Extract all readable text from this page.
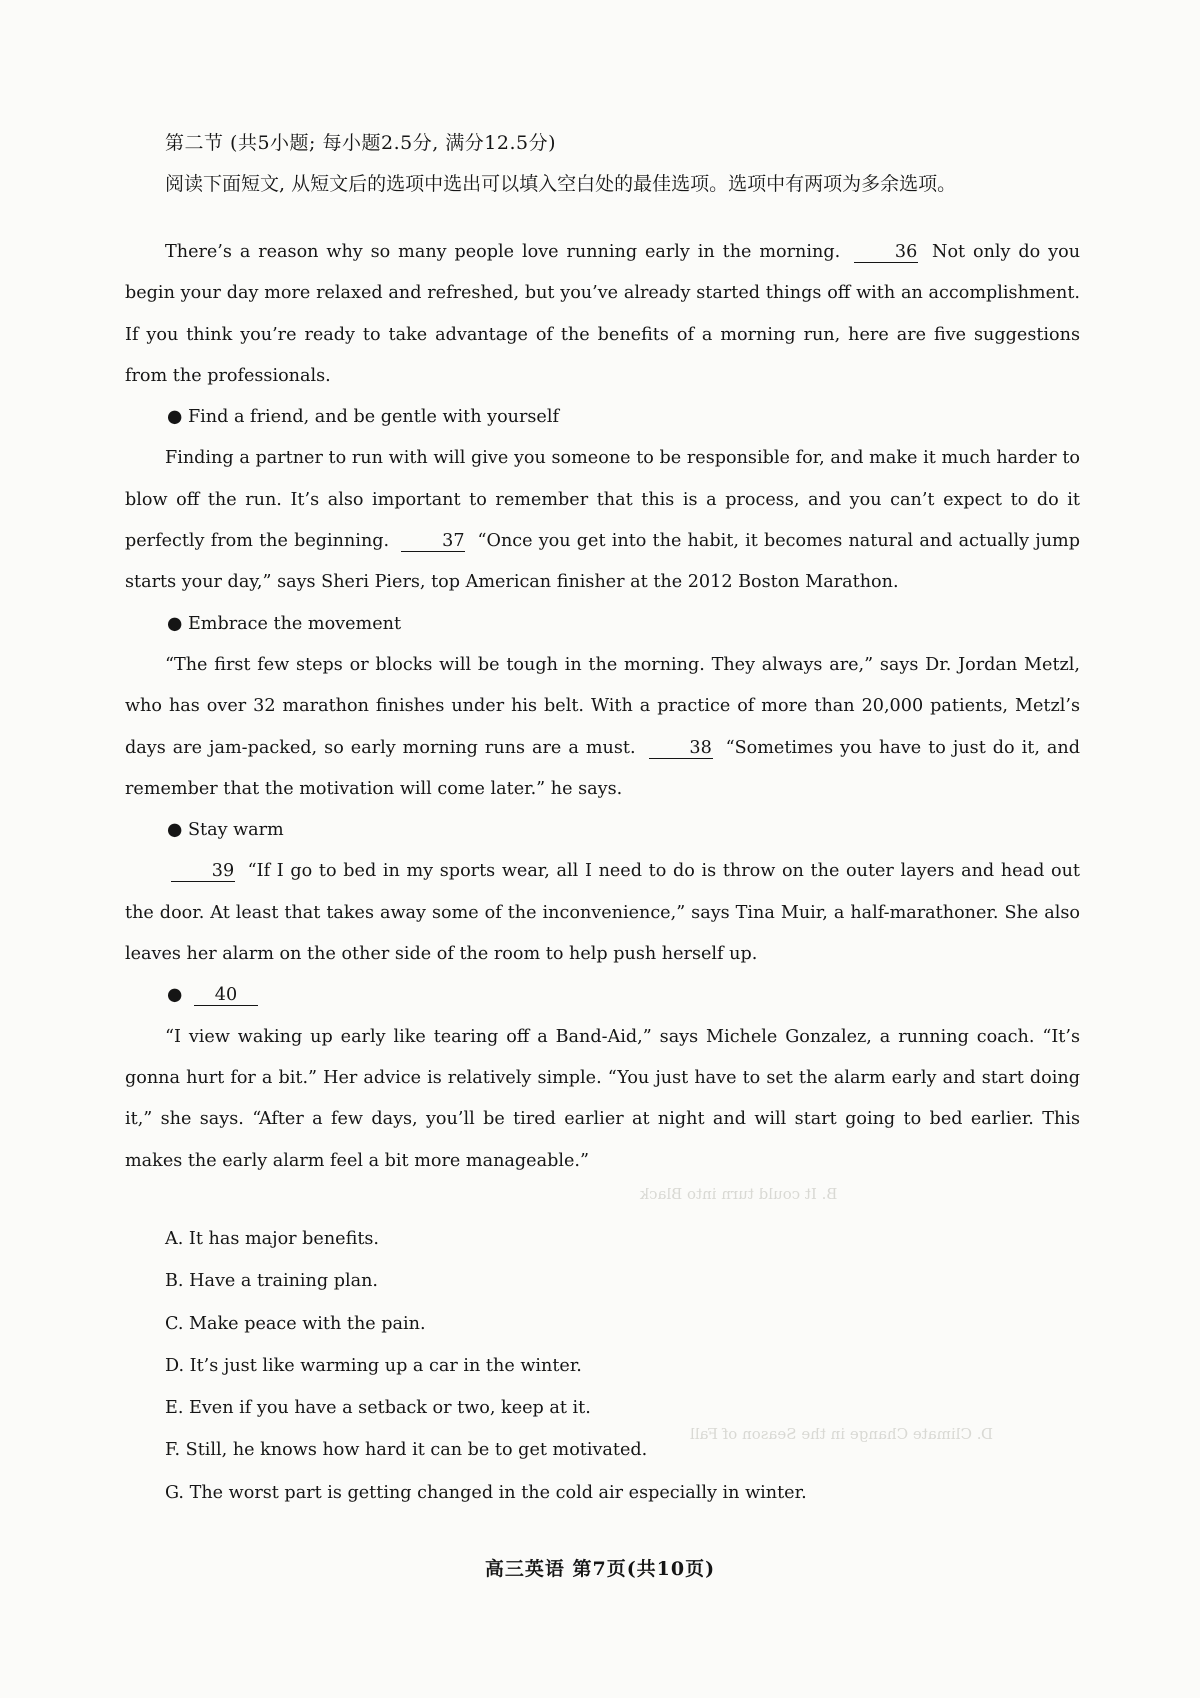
B. It could turn into Black
D. Climate Change in the Season of Fall
第二节 (共5小题; 每小题2.5分, 满分12.5分)
阅读下面短文, 从短文后的选项中选出可以填入空白处的最佳选项。选项中有两项为多余选项。

There’s a reason why so many people love running early in the morning.	36 Not only do you begin your day more relaxed and refreshed, but you’ve already started things off with an accomplishment. If you think you’re ready to take advantage of the benefits of a morning run, here are five suggestions from the professionals.

● Find a friend, and be gentle with yourself

Finding a partner to run with will give you someone to be responsible for, and make it much harder to blow off the run. It’s also important to remember that this is a process, and you can’t expect to do it perfectly from the beginning.	37 “Once you get into the habit, it becomes natural and actually jump starts your day,” says Sheri Piers, top American finisher at the 2012 Boston Marathon.

● Embrace the movement

“The first few steps or blocks will be tough in the morning. They always are,” says Dr. Jordan Metzl, who has over 32 marathon finishes under his belt. With a practice of more than 20,000 patients, Metzl’s days are jam-packed, so early morning runs are a must.	38 “Sometimes you have to just do it, and remember that the motivation will come later.” he says.

● Stay warm

39 “If I go to bed in my sports wear, all I need to do is throw on the outer layers and head out the door. At least that takes away some of the inconvenience,” says Tina Muir, a half-marathoner. She also leaves her alarm on the other side of the room to help push herself up.

● 40

“I view waking up early like tearing off a Band-Aid,” says Michele Gonzalez, a running coach. “It’s gonna hurt for a bit.” Her advice is relatively simple. “You just have to set the alarm early and start doing it,” she says. “After a few days, you’ll be tired earlier at night and will start going to bed earlier. This makes the early alarm feel a bit more manageable.”

A. It has major benefits.
B. Have a training plan.
C. Make peace with the pain.
D. It’s just like warming up a car in the winter.
E. Even if you have a setback or two, keep at it.
F. Still, he knows how hard it can be to get motivated.
G. The worst part is getting changed in the cold air especially in winter.
高三英语 第7页(共10页)
